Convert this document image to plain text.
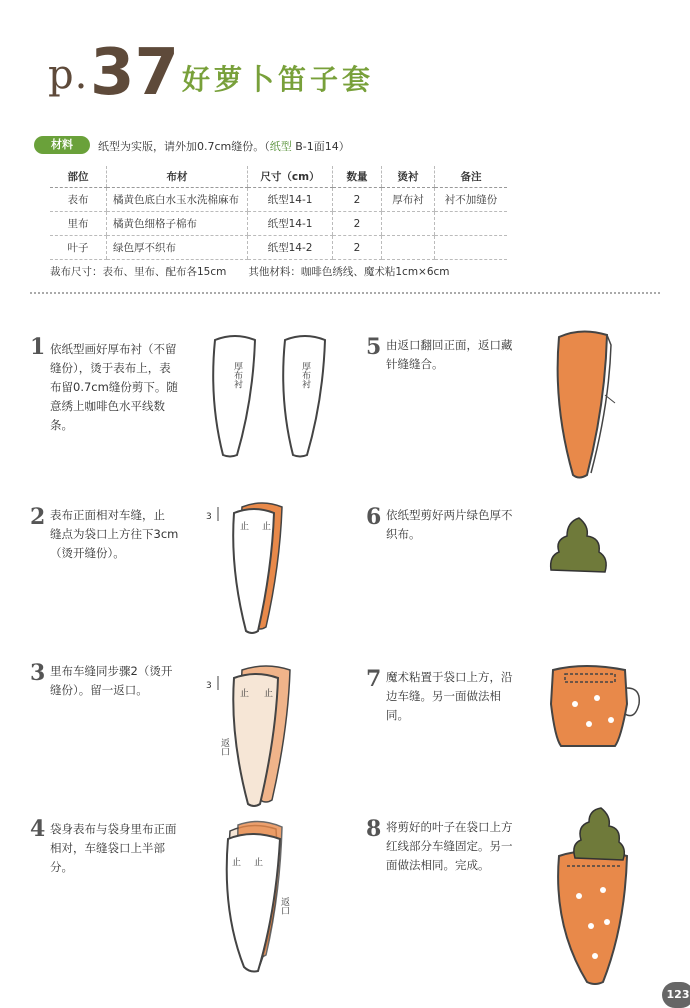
p. 37 好萝卜笛子套
材料	纸型为实版，请外加0.7cm缝份。（纸型 B-1面14）
部位	布材	尺寸（cm）	数量	烫衬	备注
表布	橘黄色底白水玉水洗棉麻布	纸型14-1	2	厚布衬	衬不加缝份
里布	橘黄色细格子棉布	纸型14-1	2		
叶子	绿色厚不织布	纸型14-2	2		
裁布尺寸：表布、里布、配布各15cm 其他材料：咖啡色绣线、魔术粘1cm×6cm
1 依纸型画好厚布衬（不留
缝份），烫于表布上，表
布留0.7cm缝份剪下。随
意绣上咖啡色水平线数
条。
厚布衬	厚布衬
2 表布正面相对车缝，止
缝点为袋口上方往下3cm
（烫开缝份）。
3
止 止
3 里布车缝同步骤2（烫开
缝份）。留一返口。	3
止 止
返口
4 袋身表布与袋身里布正面
相对，车缝袋口上半部
分。	止 止
返口
5 由返口翻回正面，返口藏
针缝缝合。
6 依纸型剪好两片绿色厚不
织布。
7 魔术粘置于袋口上方，沿
边车缝。另一面做法相
同。
8 将剪好的叶子在袋口上方
红线部分车缝固定。另一
面做法相同。完成。
123
